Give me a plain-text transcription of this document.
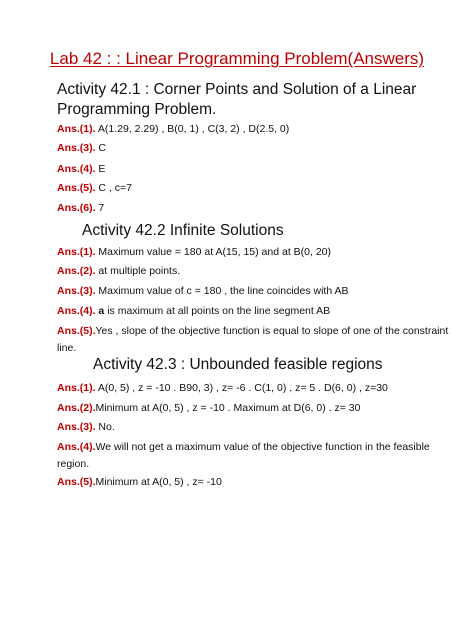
Lab 42 : : Linear Programming Problem(Answers)
Activity 42.1 : Corner Points and Solution of a Linear Programming Problem.
Ans.(1). A(1.29, 2.29) , B(0, 1) , C(3, 2) , D(2.5, 0)
Ans.(3). C
Ans.(4). E
Ans.(5). C , c=7
Ans.(6). 7
Activity 42.2 Infinite Solutions
Ans.(1). Maximum value = 180 at A(15, 15) and at B(0, 20)
Ans.(2). at multiple points.
Ans.(3). Maximum value of c = 180 , the line coincides with AB
Ans.(4). a is maximum at all points on the line segment AB
Ans.(5).Yes , slope of the objective function is equal to slope of one of the constraint line.
Activity 42.3 : Unbounded feasible regions
Ans.(1). A(0, 5) , z = -10 . B90, 3) , z= -6 . C(1, 0) , z= 5 . D(6, 0) , z=30
Ans.(2).Minimum at A(0, 5) , z = -10 . Maximum at D(6, 0) . z= 30
Ans.(3). No.
Ans.(4).We will not get a maximum value of the objective function in the feasible region.
Ans.(5).Minimum at A(0, 5) , z= -10
